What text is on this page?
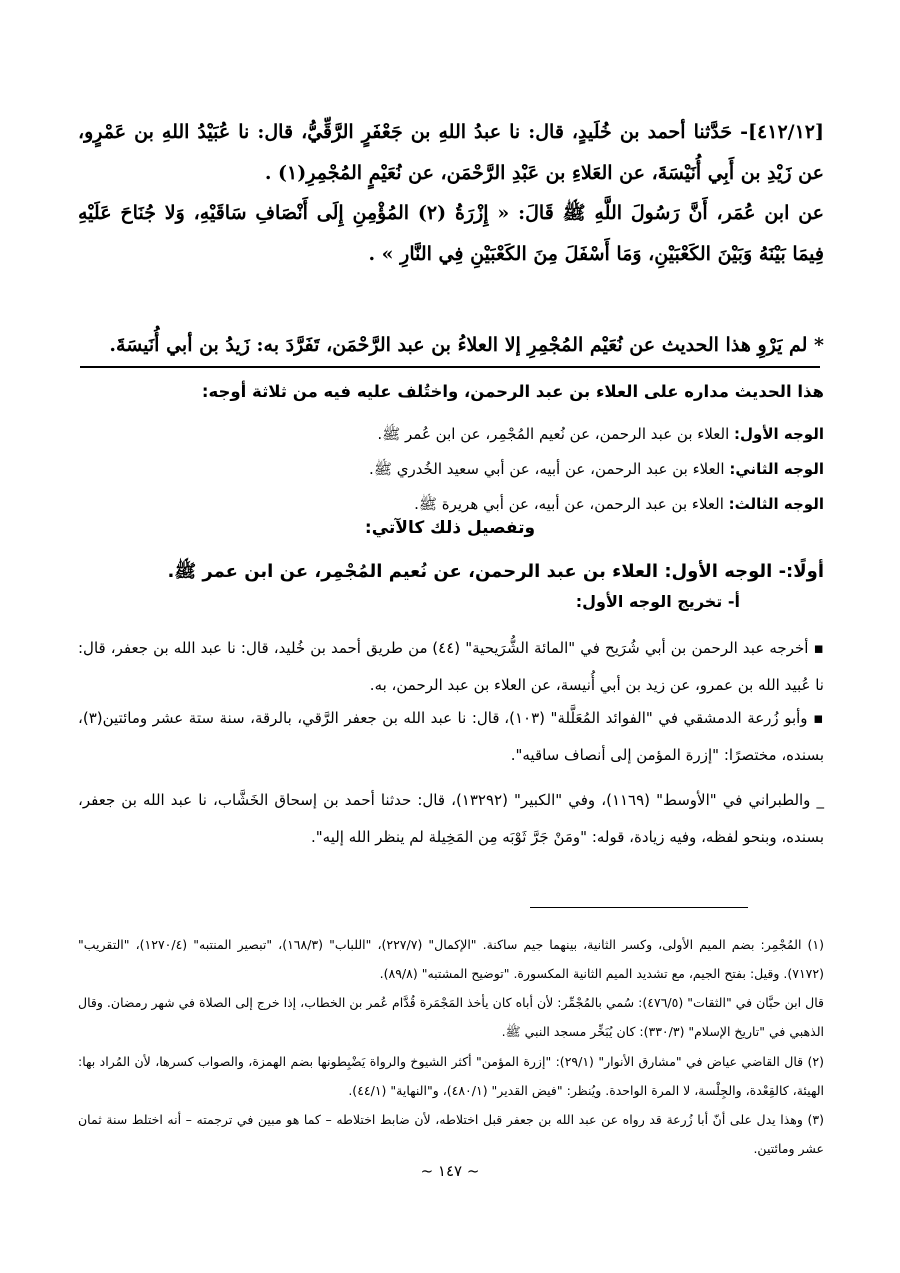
[٤١٢/١٢]- حَدَّثنا أحمد بن خُلَيدٍ، قال: نا عبدُ اللهِ بن جَعْفَرٍ الرَّقِّيُّ، قال: نا عُبَيْدُ اللهِ بن عَمْرٍو، عن زَيْدِ بن أَبِي أُنَيْسَةَ، عن العَلاءِ بن عَبْدِ الرَّحْمَن، عن نُعَيْمٍ المُجْمِرِ(١) .

عن ابن عُمَر، أَنَّ رَسُولَ اللَّهِ ﷺ قَالَ: « إِزْرَةُ (٢) المُؤْمِنِ إِلَى أَنْصَافِ سَاقَيْهِ، وَلا جُنَاحَ عَلَيْهِ فِيمَا بَيْنَهُ وَبَيْنَ الكَعْبَيْنِ، وَمَا أَسْفَلَ مِنَ الكَعْبَيْنِ فِي النَّارِ » .

* لم يَرْوِ هذا الحديث عن نُعَيْم المُجْمِرِ إلا العلاءُ بن عبد الرَّحْمَن، تَفَرَّدَ به: زَيدُ بن أبي أُنَيسَةَ.

هذا الحديث مداره على العلاء بن عبد الرحمن، واختُلف عليه فيه من ثلاثة أوجه:

الوجه الأول: العلاء بن عبد الرحمن، عن نُعيم المُجْمِر، عن ابن عُمر ﷺ.

الوجه الثاني: العلاء بن عبد الرحمن، عن أبيه، عن أبي سعيد الخُدري ﷺ.

الوجه الثالث: العلاء بن عبد الرحمن، عن أبيه، عن أبي هريرة ﷺ.

وتفصيل ذلك كالآتي:

أولًا:- الوجه الأول: العلاء بن عبد الرحمن، عن نُعيم المُجْمِر، عن ابن عمر ﷺ.

أ- تخريج الوجه الأول:

▪ أخرجه عبد الرحمن بن أبي شُرَيح في "المائة الشُّرَيحية" (٤٤) من طريق أحمد بن خُليد، قال: نا عبد الله بن جعفر، قال: نا عُبيد الله بن عمرو، عن زيد بن أبي أُنيسة، عن العلاء بن عبد الرحمن، به.

▪ وأبو زُرعة الدمشقي في "الفوائد المُعَلَّلة" (١٠٣)، قال: نا عبد الله بن جعفر الرَّقي، بالرقة، سنة ستة عشر ومائتين(٣)، بسنده، مختصرًا: "إزرة المؤمن إلى أنصاف ساقيه".

_ والطبراني في "الأوسط" (١١٦٩)، وفي "الكبير" (١٣٢٩٢)، قال: حدثنا أحمد بن إسحاق الخَشَّاب، نا عبد الله بن جعفر، بسنده، وبنحو لفظه، وفيه زيادة، قوله: "ومَنْ جَرَّ ثَوْبَه مِن المَخِيلة لم ينظر الله إليه".

(١) المُجْمِر: بضم الميم الأولى، وكسر الثانية، بينهما جيم ساكنة. "الإكمال" (٢٢٧/٧)، "اللباب" (١٦٨/٣)، "تبصير المنتبه" (١٢٧٠/٤)، "التقريب" (٧١٧٢). وقيل: بفتح الجيم، مع تشديد الميم الثانية المكسورة. "توضيح المشتبه" (٨٩/٨).

قال ابن حبَّان في "الثقات" (٤٧٦/٥): سُمي بالمُجْمِّر: لأن أباه كان يأخذ المَجْمَرة قُدَّام عُمر بن الخطاب، إذا خرج إلى الصلاة في شهر رمضان. وقال الذهبي في "تاريخ الإسلام" (٣٣٠/٣): كان يُبَخِّر مسجد النبي ﷺ.

(٢) قال القاضي عياض في "مشارق الأنوار" (٢٩/١): "إزرة المؤمن" أكثر الشيوخ والرواة يَضْبِطونها بضم الهمزة، والصواب كسرها، لأن المُراد بها: الهيئة، كالقِعْدة، والجِلْسة، لا المرة الواحدة. ويُنظر: "فيض القدير" (٤٨٠/١)، و"النهاية" (٤٤/١).

(٣) وهذا يدل على أنّ أبا زُرعة قد رواه عن عبد الله بن جعفر قبل اختلاطه، لأن ضابط اختلاطه – كما هو مبين في ترجمته – أنه اختلط سنة ثمان عشر ومائتين.

~ ١٤٧ ~
